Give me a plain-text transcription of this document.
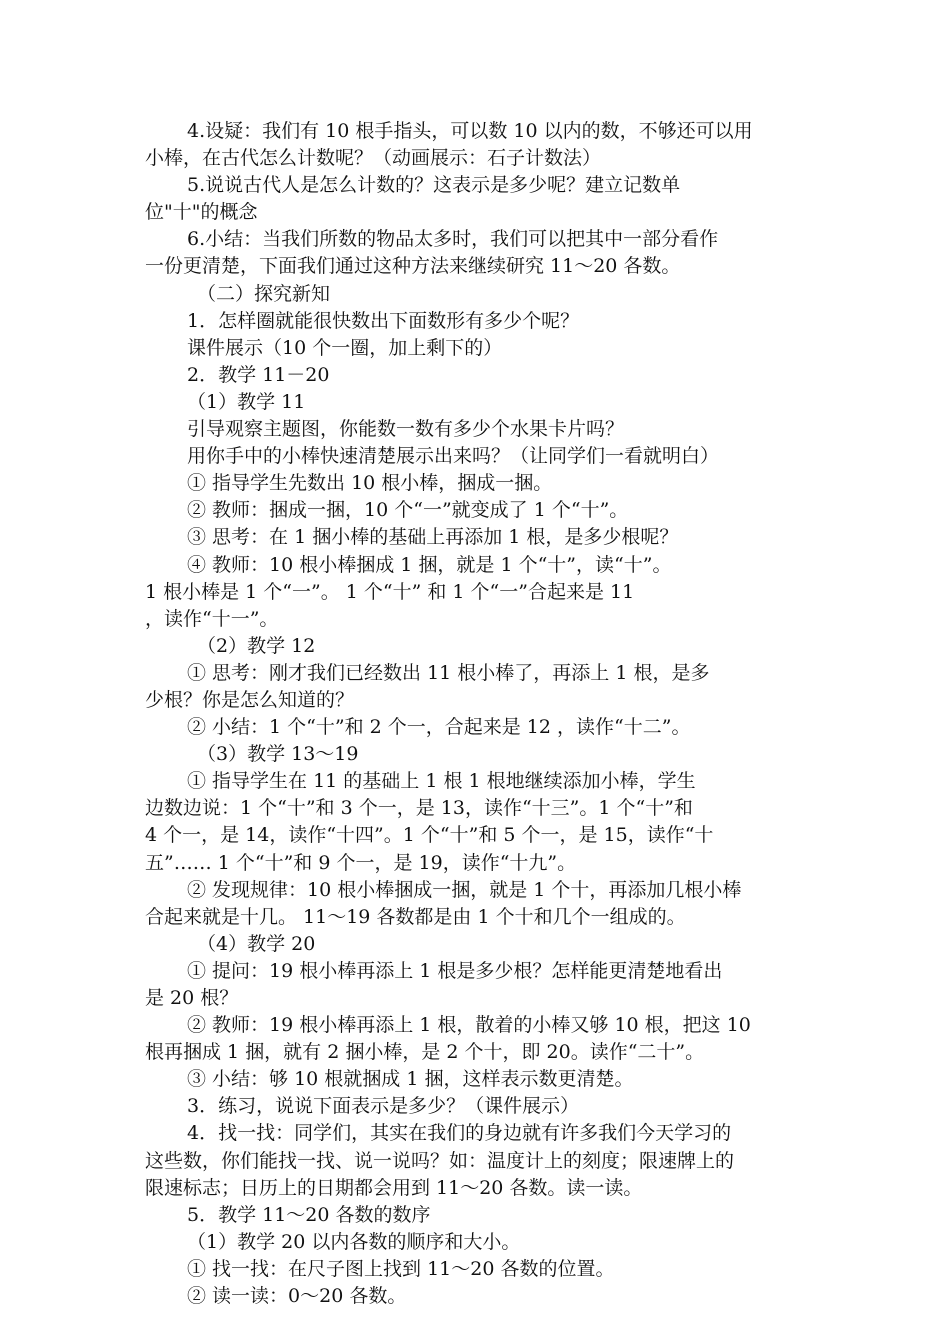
4.设疑：我们有 10 根手指头，可以数 10 以内的数，不够还可以用
小棒，在古代怎么计数呢？（动画展示：石子计数法）
5.说说古代人是怎么计数的？这表示是多少呢？建立记数单
位"十"的概念
6.小结：当我们所数的物品太多时，我们可以把其中一部分看作
一份更清楚，下面我们通过这种方法来继续研究 11～20 各数。
（二）探究新知
1．怎样圈就能很快数出下面数形有多少个呢？
课件展示（10 个一圈，加上剩下的）
2．教学 11－20
（1）教学 11
引导观察主题图，你能数一数有多少个水果卡片吗？
用你手中的小棒快速清楚展示出来吗？（让同学们一看就明白）
① 指导学生先数出 10 根小棒，捆成一捆。
② 教师：捆成一捆，10 个“一”就变成了 1 个“十”。
③ 思考：在 1 捆小棒的基础上再添加 1 根，是多少根呢？
④ 教师：10 根小棒捆成 1 捆，就是 1 个“十”，读“十”。
1 根小棒是 1 个“一”。 1 个“十” 和 1 个“一”合起来是 11
，读作“十一”。
（2）教学 12
① 思考：刚才我们已经数出 11 根小棒了，再添上 1 根，是多
少根？你是怎么知道的？
② 小结：1 个“十”和 2 个一，合起来是 12 ，读作“十二”。
（3）教学 13～19
① 指导学生在 11 的基础上 1 根 1 根地继续添加小棒，学生
边数边说：1 个“十”和 3 个一，是 13，读作“十三”。1 个“十”和
4 个一，是 14，读作“十四”。1 个“十”和 5 个一，是 15，读作“十
五”…… 1 个“十”和 9 个一，是 19，读作“十九”。
② 发现规律：10 根小棒捆成一捆，就是 1 个十，再添加几根小棒
合起来就是十几。 11～19 各数都是由 1 个十和几个一组成的。
（4）教学 20
① 提问：19 根小棒再添上 1 根是多少根？怎样能更清楚地看出
是 20 根？
② 教师：19 根小棒再添上 1 根，散着的小棒又够 10 根，把这 10
根再捆成 1 捆，就有 2 捆小棒，是 2 个十，即 20。读作“二十”。
③ 小结：够 10 根就捆成 1 捆，这样表示数更清楚。
3．练习，说说下面表示是多少？（课件展示）
4．找一找：同学们，其实在我们的身边就有许多我们今天学习的
这些数，你们能找一找、说一说吗？如：温度计上的刻度；限速牌上的
限速标志；日历上的日期都会用到 11～20 各数。读一读。
5．教学 11～20 各数的数序
（1）教学 20 以内各数的顺序和大小。
① 找一找：在尺子图上找到 11～20 各数的位置。
② 读一读：0～20 各数。
